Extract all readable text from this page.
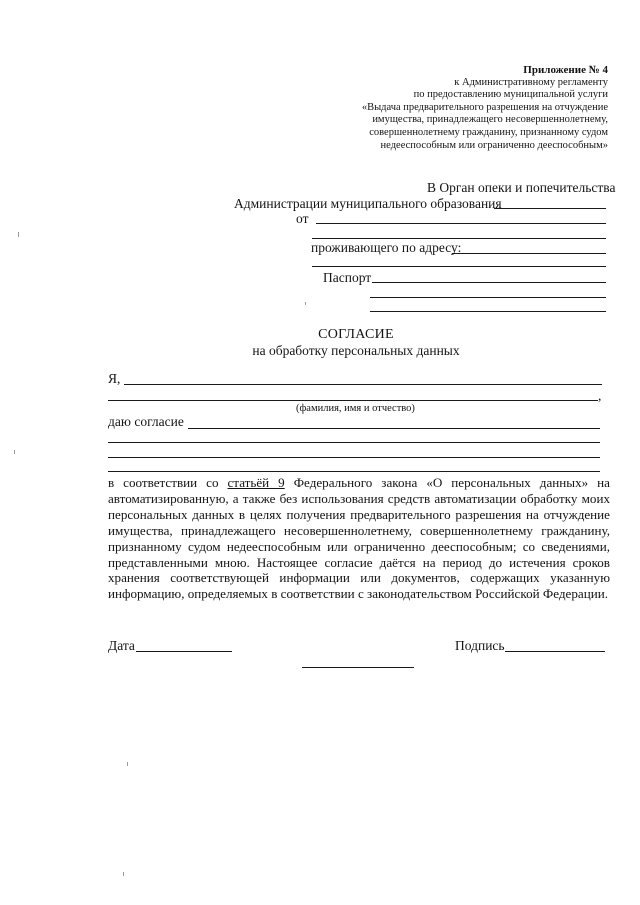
Приложение № 4
к Административному регламенту
по предоставлению муниципальной услуги
«Выдача предварительного разрешения на отчуждение
имущества, принадлежащего несовершеннолетнему,
совершеннолетнему гражданину, признанному судом
недееспособным или ограниченно дееспособным»
В Орган опеки и попечительства
Администрации муниципального образования
от
проживающего по адресу:
Паспорт
СОГЛАСИЕ
на обработку персональных данных
Я,
,
(фамилия, имя и отчество)
даю согласие
в соответствии со статьёй 9 Федерального закона «О персональных данных» на автоматизированную, а также без использования средств автоматизации обработку моих персональных данных в целях получения предварительного разрешения на отчуждение имущества, принадлежащего несовершеннолетнему, совершеннолетнему гражданину, признанному судом недееспособным или ограниченно дееспособным; со сведениями, представленными мною. Настоящее согласие даётся на период до истечения сроков хранения соответствующей информации или документов, содержащих указанную информацию, определяемых в соответствии с законодательством Российской Федерации.
Дата	Подпись
